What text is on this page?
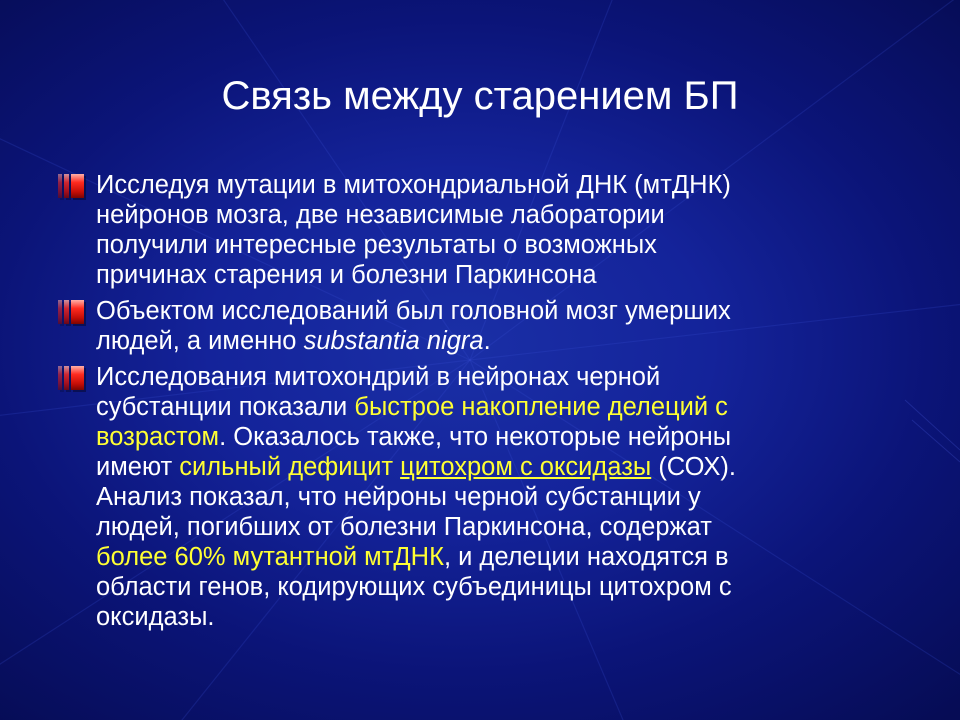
Связь между старением БП
Исследуя мутации в митохондриальной ДНК (мтДНК)
нейронов мозга, две независимые лаборатории
получили интересные результаты о возможных
причинах старения и болезни Паркинсона
Объектом исследований был головной мозг умерших
людей, а именно substantia nigra.
Исследования митохондрий в нейронах черной
субстанции показали быстрое накопление делеций с
возрастом. Оказалось также, что некоторые нейроны
имеют сильный дефицит цитохром с оксидазы (СОХ).
Анализ показал, что нейроны черной субстанции у
людей, погибших от болезни Паркинсона, содержат
более 60% мутантной мтДНК, и делеции находятся в
области генов, кодирующих субъединицы цитохром с
оксидазы.
